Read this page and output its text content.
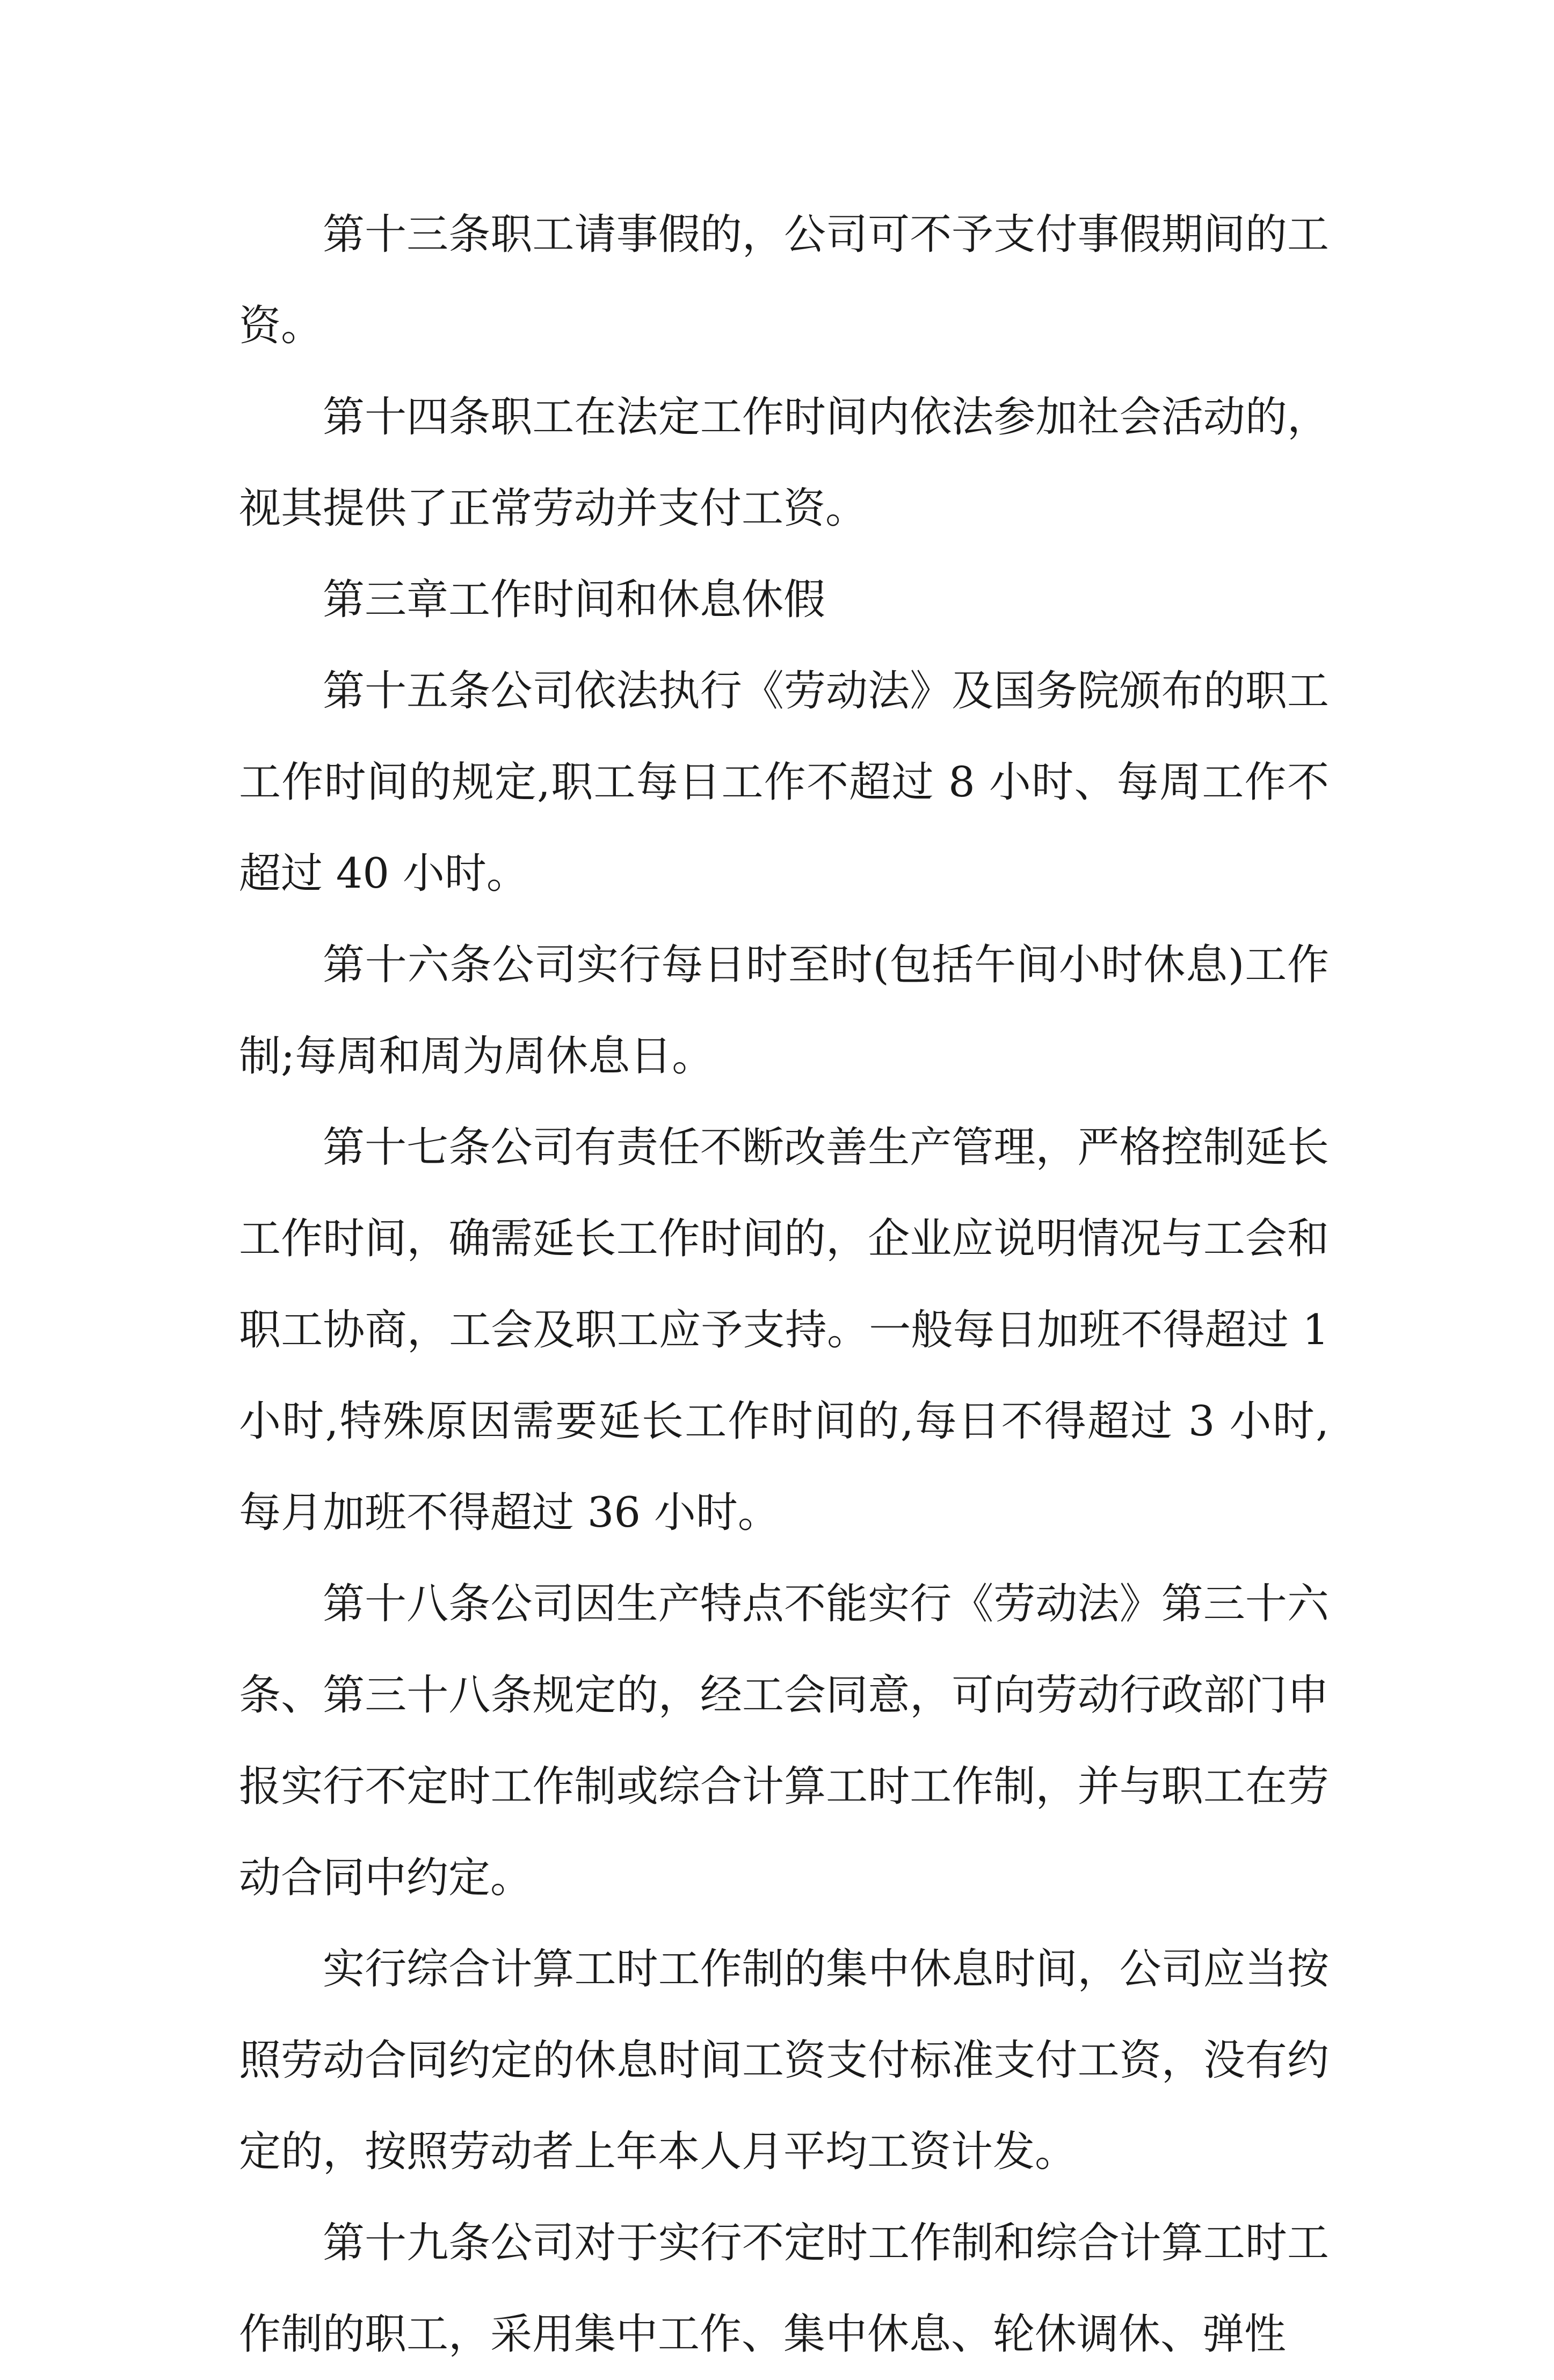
第十三条职工请事假的，公司可不予支付事假期间的工资。

第十四条职工在法定工作时间内依法参加社会活动的，视其提供了正常劳动并支付工资。

第三章工作时间和休息休假

第十五条公司依法执行《劳动法》及国务院颁布的职工工作时间的规定,职工每日工作不超过 8 小时、每周工作不超过 40 小时。

第十六条公司实行每日时至时(包括午间小时休息)工作制;每周和周为周休息日。

第十七条公司有责任不断改善生产管理，严格控制延长工作时间，确需延长工作时间的，企业应说明情况与工会和职工协商，工会及职工应予支持。一般每日加班不得超过 1 小时,特殊原因需要延长工作时间的,每日不得超过 3 小时,每月加班不得超过 36 小时。

第十八条公司因生产特点不能实行《劳动法》第三十六条、第三十八条规定的，经工会同意，可向劳动行政部门申报实行不定时工作制或综合计算工时工作制，并与职工在劳动合同中约定。

实行综合计算工时工作制的集中休息时间，公司应当按照劳动合同约定的休息时间工资支付标准支付工资，没有约定的，按照劳动者上年本人月平均工资计发。

第十九条公司对于实行不定时工作制和综合计算工时工作制的职工，采用集中工作、集中休息、轮休调休、弹性
